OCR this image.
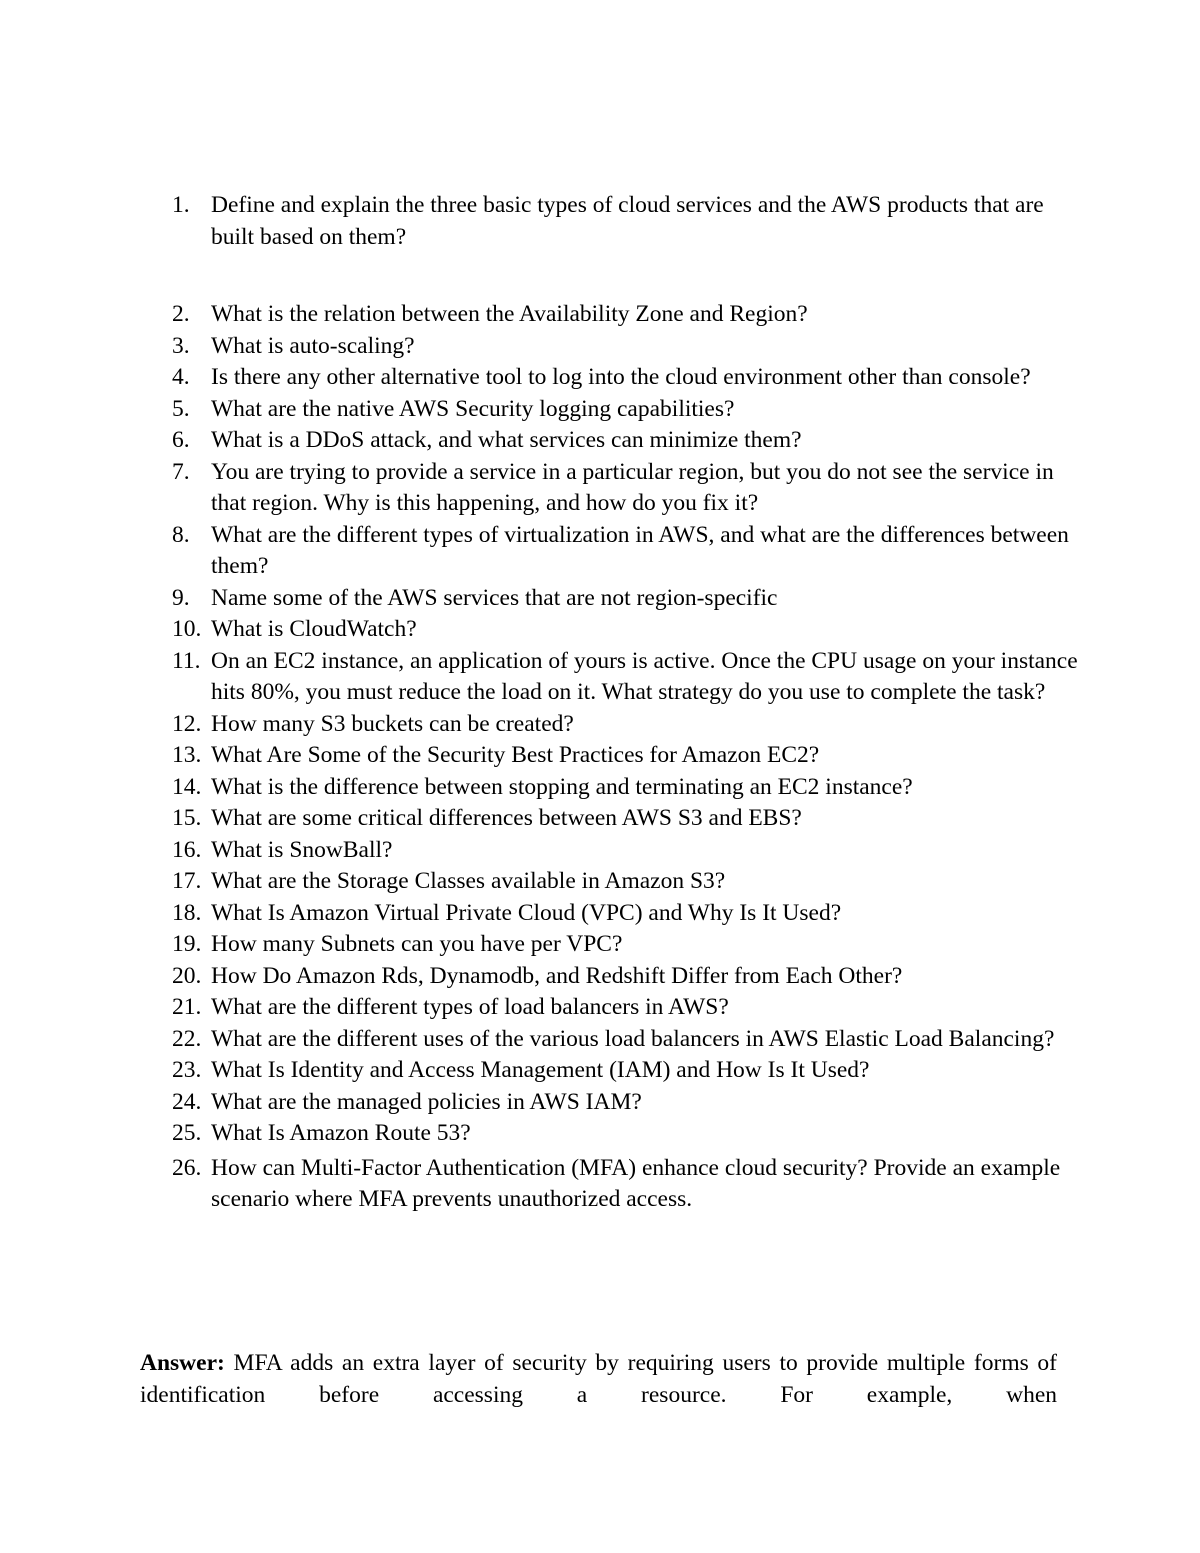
1. Define and explain the three basic types of cloud services and the AWS products that are built based on them?
2. What is the relation between the Availability Zone and Region?
3. What is auto-scaling?
4. Is there any other alternative tool to log into the cloud environment other than console?
5. What are the native AWS Security logging capabilities?
6. What is a DDoS attack, and what services can minimize them?
7. You are trying to provide a service in a particular region, but you do not see the service in that region. Why is this happening, and how do you fix it?
8. What are the different types of virtualization in AWS, and what are the differences between them?
9. Name some of the AWS services that are not region-specific
10. What is CloudWatch?
11. On an EC2 instance, an application of yours is active. Once the CPU usage on your instance hits 80%, you must reduce the load on it. What strategy do you use to complete the task?
12. How many S3 buckets can be created?
13. What Are Some of the Security Best Practices for Amazon EC2?
14. What is the difference between stopping and terminating an EC2 instance?
15. What are some critical differences between AWS S3 and EBS?
16. What is SnowBall?
17. What are the Storage Classes available in Amazon S3?
18. What Is Amazon Virtual Private Cloud (VPC) and Why Is It Used?
19. How many Subnets can you have per VPC?
20. How Do Amazon Rds, Dynamodb, and Redshift Differ from Each Other?
21. What are the different types of load balancers in AWS?
22. What are the different uses of the various load balancers in AWS Elastic Load Balancing?
23. What Is Identity and Access Management (IAM) and How Is It Used?
24. What are the managed policies in AWS IAM?
25. What Is Amazon Route 53?
26. How can Multi-Factor Authentication (MFA) enhance cloud security? Provide an example scenario where MFA prevents unauthorized access.

Answer: MFA adds an extra layer of security by requiring users to provide multiple forms of identification before accessing a resource. For example, when
